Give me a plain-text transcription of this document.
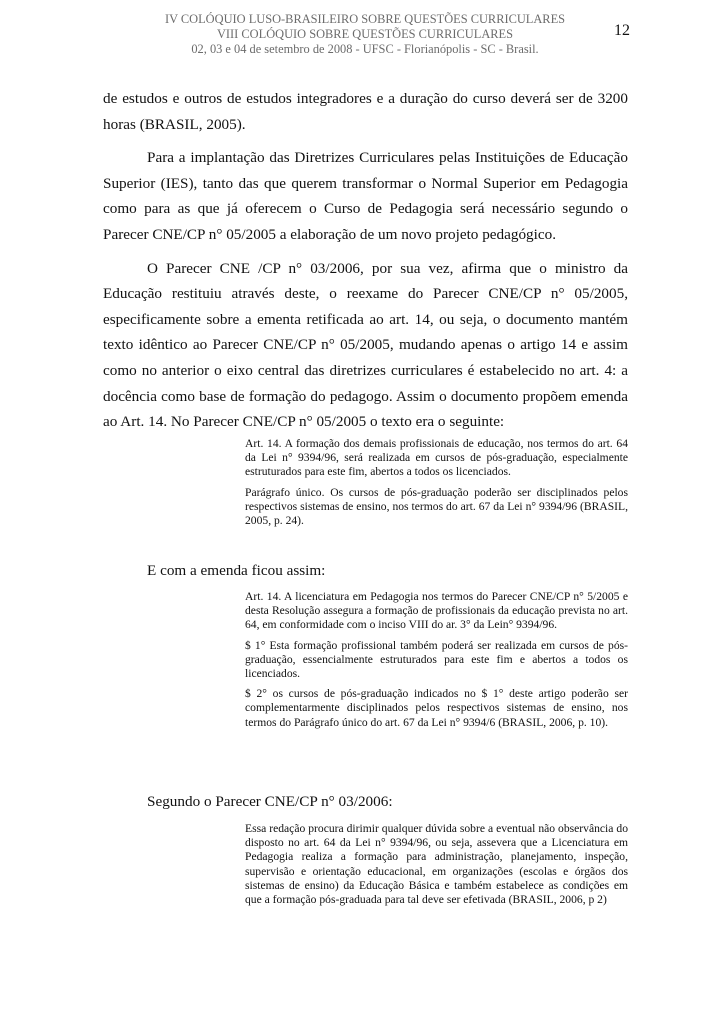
IV COLÓQUIO LUSO-BRASILEIRO SOBRE QUESTÕES CURRICULARES
VIII COLÓQUIO SOBRE QUESTÕES CURRICULARES
02, 03 e 04 de setembro de 2008 - UFSC - Florianópolis - SC - Brasil.
12

de estudos e outros de estudos integradores e a duração do curso deverá ser de 3200 horas (BRASIL, 2005).

Para a implantação das Diretrizes Curriculares pelas Instituições de Educação Superior (IES), tanto das que querem transformar o Normal Superior em Pedagogia como para as que já oferecem o Curso de Pedagogia será necessário segundo o Parecer CNE/CP n° 05/2005 a elaboração de um novo projeto pedagógico.

O Parecer CNE /CP n° 03/2006, por sua vez, afirma que o ministro da Educação restituiu através deste, o reexame do Parecer CNE/CP n° 05/2005, especificamente sobre a ementa retificada ao art. 14, ou seja, o documento mantém texto idêntico ao Parecer CNE/CP n° 05/2005, mudando apenas o artigo 14 e assim como no anterior o eixo central das diretrizes curriculares é estabelecido no art. 4: a docência como base de formação do pedagogo. Assim o documento propõem emenda ao Art. 14. No Parecer CNE/CP n° 05/2005 o texto era o seguinte:

Art. 14. A formação dos demais profissionais de educação, nos termos do art. 64 da Lei n° 9394/96, será realizada em cursos de pós-graduação, especialmente estruturados para este fim, abertos a todos os licenciados.

Parágrafo único. Os cursos de pós-graduação poderão ser disciplinados pelos respectivos sistemas de ensino, nos termos do art. 67 da Lei n° 9394/96 (BRASIL, 2005, p. 24).

E com a emenda ficou assim:

Art. 14. A licenciatura em Pedagogia nos termos do Parecer CNE/CP n° 5/2005 e desta Resolução assegura a formação de profissionais da educação prevista no art. 64, em conformidade com o inciso VIII do ar. 3° da Lein° 9394/96.

$ 1° Esta formação profissional também poderá ser realizada em cursos de pós-graduação, essencialmente estruturados para este fim e abertos a todos os licenciados.

$ 2° os cursos de pós-graduação indicados no $ 1° deste artigo poderão ser complementarmente disciplinados pelos respectivos sistemas de ensino, nos termos do Parágrafo único do art. 67 da Lei n° 9394/6 (BRASIL, 2006, p. 10).

Segundo o Parecer CNE/CP n° 03/2006:

Essa redação procura dirimir qualquer dúvida sobre a eventual não observância do disposto no art. 64 da Lei n° 9394/96, ou seja, assevera que a Licenciatura em Pedagogia realiza a formação para administração, planejamento, inspeção, supervisão e orientação educacional, em organizações (escolas e órgãos dos sistemas de ensino) da Educação Básica e também estabelece as condições em que a formação pós-graduada para tal deve ser efetivada (BRASIL, 2006, p 2)
